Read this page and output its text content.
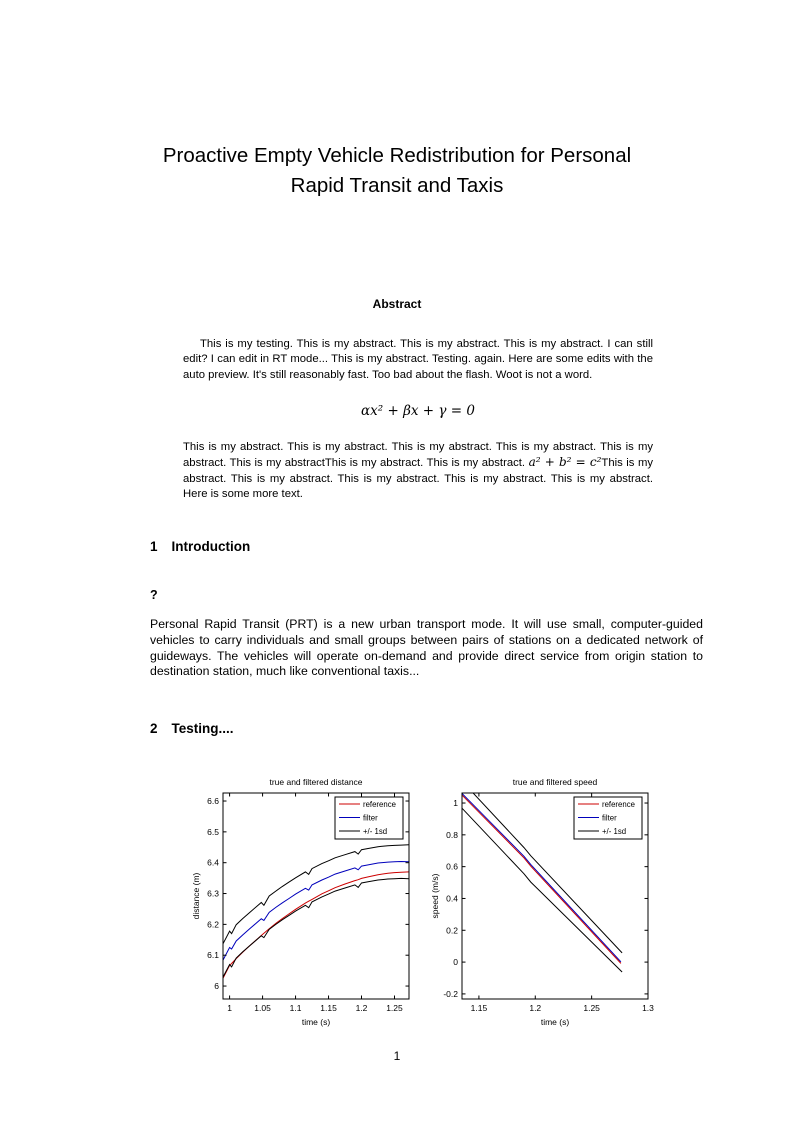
Proactive Empty Vehicle Redistribution for Personal
Rapid Transit and Taxis
Abstract

This is my testing. This is my abstract. This is my abstract. This is my abstract. I can still edit? I can edit in RT mode... This is my abstract. Testing. again. Here are some edits with the auto preview. It's still reasonably fast. Too bad about the flash. Woot is not a word.

αx² + βx + γ = 0

This is my abstract. This is my abstract. This is my abstract. This is my abstract. This is my abstract. This is my abstractThis is my abstract. This is my abstract. a² + b² = c²This is my abstract. This is my abstract. This is my abstract. This is my abstract. This is my abstract. Here is some more text.

1 Introduction
?

Personal Rapid Transit (PRT) is a new urban transport mode. It will use small, computer-guided vehicles to carry individuals and small groups between pairs of stations on a dedicated network of guideways. The vehicles will operate on-demand and provide direct service from origin station to destination station, much like conventional taxis...

2 Testing....
1	1.05 1.1 1.15 1.2 1.25
6
6.1
6.2
6.3
6.4
6.5
6.6
true and filtered distance
time (s)
distance (m)
reference
filter
+/- 1sd
1.15	1.2	1.25	1.3
-0.2
0
0.2
0.4
0.6
0.8
1
true and filtered speed
time (s)
speed (m/s)
reference
filter
+/- 1sd
1
